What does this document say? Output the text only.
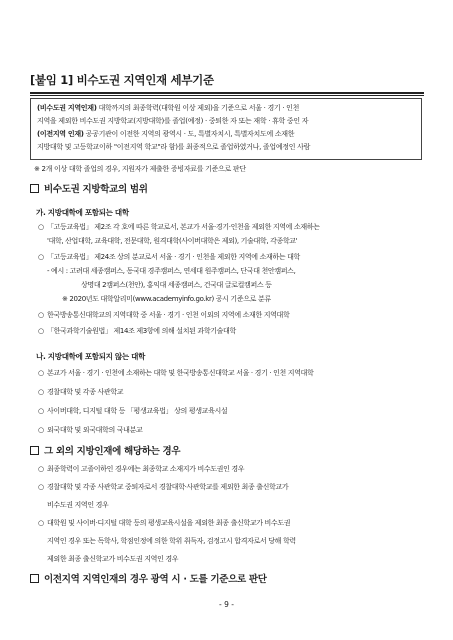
[붙임 1] 비수도권 지역인재 세부기준

(비수도권 지역인재) 대학까지의 최종학력(대학원 이상 제외)을 기준으로 서울 · 경기 · 인천

지역을 제외한 비수도권 지방학교(지방대학)를 졸업(예정) · 중퇴한 자 또는 재학 · 휴학 중인 자

(이전지역 인재) 공공기관이 이전한 지역의 광역시 · 도, 특별자치시, 특별자치도에 소재한

지방대학 및 고등학교이하 "이전지역 학교"라 함)를 최종적으로 졸업하였거나, 졸업예정인 사람

※ 2개 이상 대학 졸업의 경우, 지원자가 제출한 증빙자료를 기준으로 판단
비수도권 지방학교의 범위
가. 지방대학에 포함되는 대학
○ 「고등교육법」 제2조 각 호에 따른 학교로서, 본교가 서울·경기·인천을 제외한 지역에 소재하는
'대학, 산업대학, 교육대학, 전문대학, 원격대학(사이버대학은 제외), 기술대학, 각종학교'
○ 「고등교육법」 제24조 상의 분교로서 서울 · 경기 · 인천을 제외한 지역에 소재하는 대학
- 예시 : 고려대 세종캠퍼스, 동국대 경주캠퍼스, 연세대 원주캠퍼스, 단국대 천안캠퍼스,
상명대 2캠퍼스(천안), 홍익대 세종캠퍼스, 건국대 글로컬캠퍼스 등
※ 2020년도 대학알리미(www.academyinfo.go.kr) 공시 기준으로 분류
○ 한국방송통신대학교의 지역대학 중 서울 · 경기 · 인천 이외의 지역에 소재한 지역대학
○ 「한국과학기술원법」 제14조 제3항에 의해 설치된 과학기술대학
나. 지방대학에 포함되지 않는 대학
○ 본교가 서울 · 경기 · 인천에 소재하는 대학 및 한국방송통신대학교 서울 · 경기 · 인천 지역대학
○ 경찰대학 및 각종 사관학교
○ 사이버대학, 디지털 대학 등 「평생교육법」 상의 평생교육시설
○ 외국대학 및 외국대학의 국내분교
그 외의 지방인재에 해당하는 경우
○ 최종학력이 고졸이하인 경우에는 최종학교 소재지가 비수도권인 경우
○ 경찰대학 및 각종 사관학교 중퇴자로서 경찰대학·사관학교를 제외한 최종 출신학교가
비수도권 지역인 경우
○ 대학원 및 사이버·디지털 대학 등의 평생교육시설을 제외한 최종 출신학교가 비수도권
지역인 경우 또는 독학사, 학점인정에 의한 학위 취득자, 검정고시 합격자로서 당해 학력
제외한 최종 출신학교가 비수도권 지역인 경우
이전지역 지역인재의 경우 광역 시 · 도를 기준으로 판단
- 9 -
